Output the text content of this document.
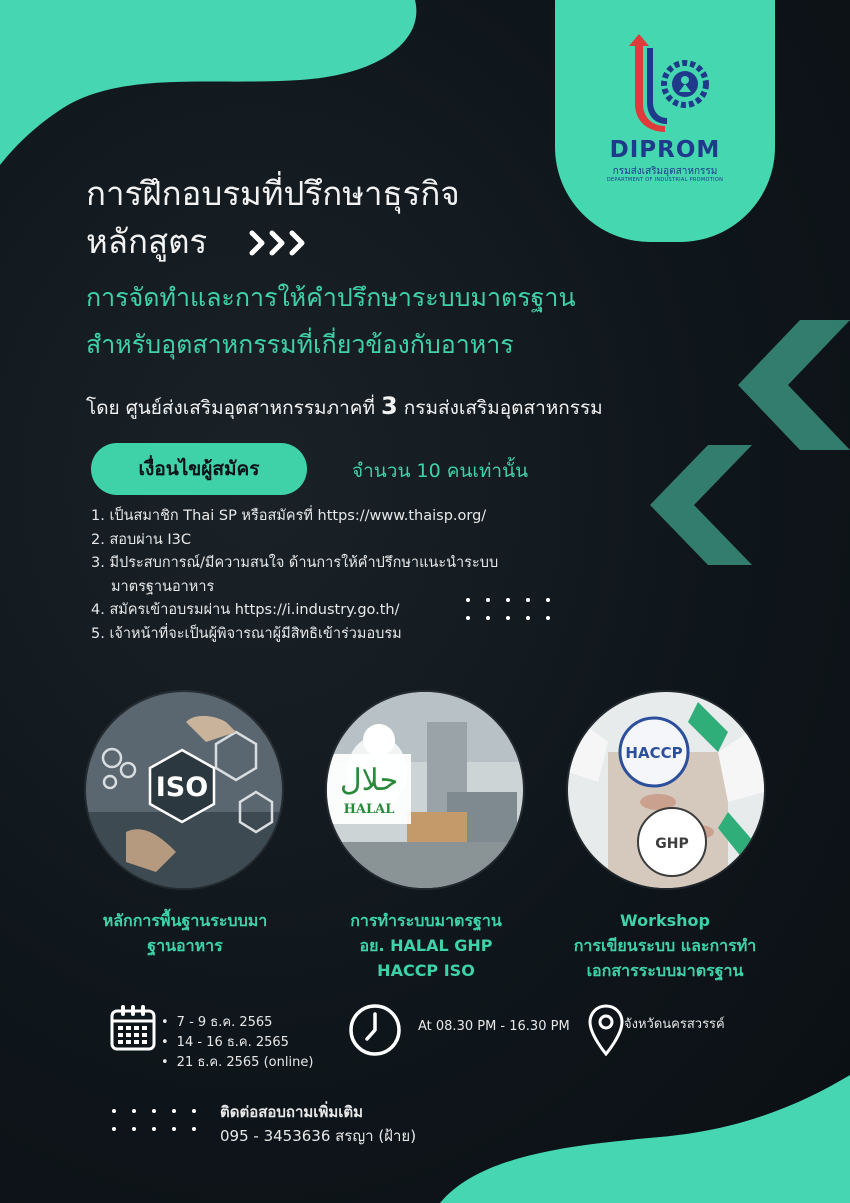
DIPROM
กรมส่งเสริมอุตสาหกรรม
DEPARTMENT OF INDUSTRIAL PROMOTION
การฝึกอบรมที่ปรึกษาธุรกิจ
หลักสูตร
การจัดทำและการให้คำปรึกษาระบบมาตรฐาน
สำหรับอุตสาหกรรมที่เกี่ยวข้องกับอาหาร
โดย ศูนย์ส่งเสริมอุตสาหกรรมภาคที่ 3 กรมส่งเสริมอุตสาหกรรม
เงื่อนไขผู้สมัคร	จำนวน 10 คนเท่านั้น
1. เป็นสมาชิก Thai SP หรือสมัครที่ https://www.thaisp.org/
2. สอบผ่าน I3C
3. มีประสบการณ์/มีความสนใจ ด้านการให้คำปรึกษาแนะนำระบบ
มาตรฐานอาหาร
4. สมัครเข้าอบรมผ่าน https://i.industry.go.th/
5. เจ้าหน้าที่จะเป็นผู้พิจารณาผู้มีสิทธิเข้าร่วมอบรม
ISO	حلال
HALAL
HACCP
GHP
หลักการพื้นฐานระบบมา
ฐานอาหาร
การทำระบบมาตรฐาน
อย. HALAL GHP
HACCP ISO
Workshop
การเขียนระบบ และการทำ
เอกสารระบบมาตรฐาน
• 7 - 9 ธ.ค. 2565
• 14 - 16 ธ.ค. 2565
• 21 ธ.ค. 2565 (online)
At 08.30 PM - 16.30 PM	จังหวัดนครสวรรค์
ติดต่อสอบถามเพิ่มเติม
095 - 3453636 สรญา (ฝ้าย)
